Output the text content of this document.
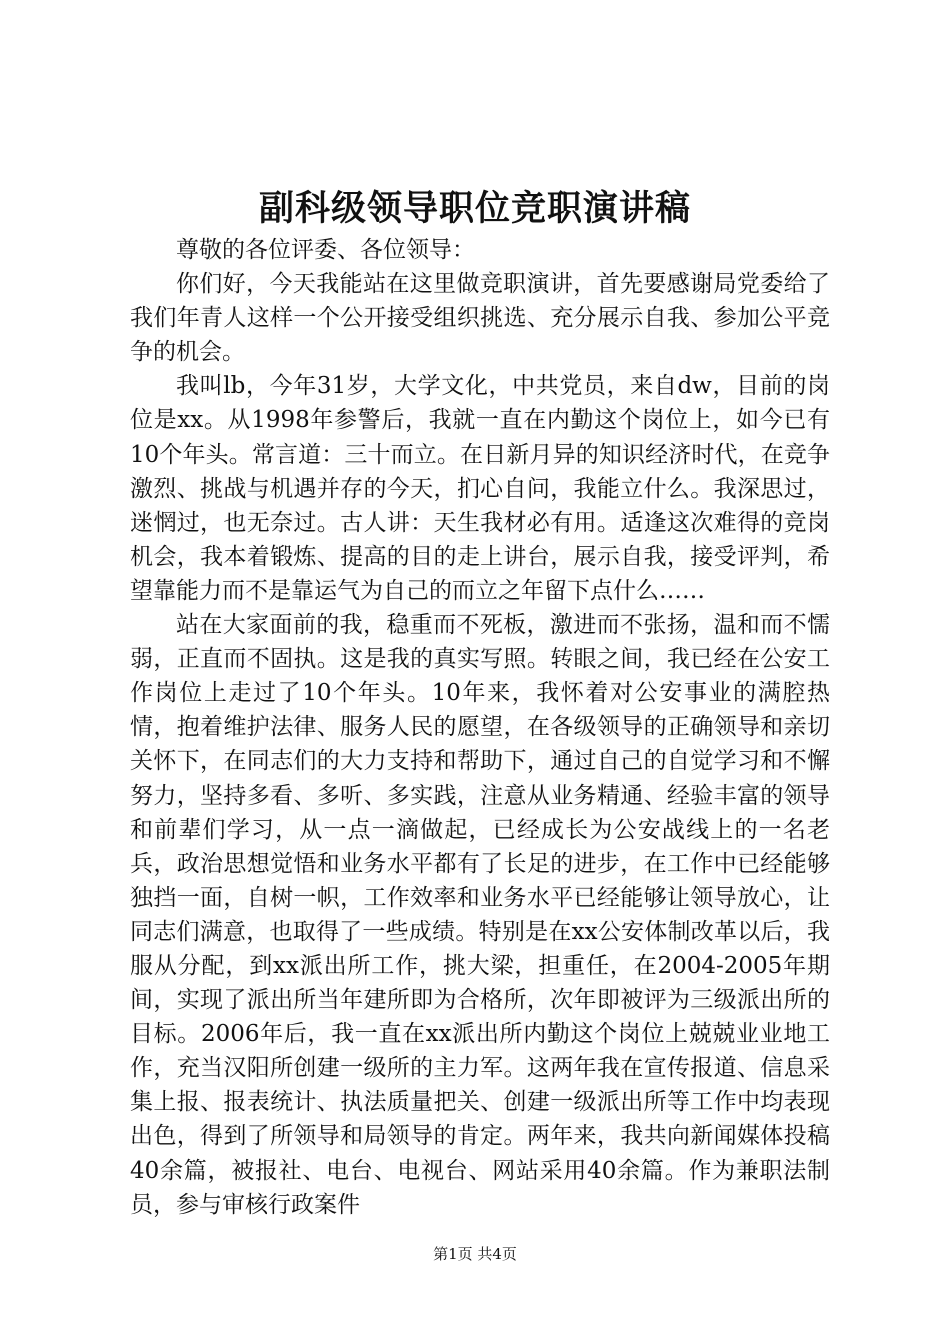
副科级领导职位竞职演讲稿

尊敬的各位评委、各位领导：

你们好，今天我能站在这里做竞职演讲，首先要感谢局党委给了我们年青人这样一个公开接受组织挑选、充分展示自我、参加公平竞争的机会。

我叫lb，今年31岁，大学文化，中共党员，来自dw，目前的岗位是xx。从1998年参警后，我就一直在内勤这个岗位上，如今已有10个年头。常言道：三十而立。在日新月异的知识经济时代，在竞争激烈、挑战与机遇并存的今天，扪心自问，我能立什么。我深思过，迷惘过，也无奈过。古人讲：天生我材必有用。适逢这次难得的竞岗机会，我本着锻炼、提高的目的走上讲台，展示自我，接受评判，希望靠能力而不是靠运气为自己的而立之年留下点什么……

站在大家面前的我，稳重而不死板，激进而不张扬，温和而不懦弱，正直而不固执。这是我的真实写照。转眼之间，我已经在公安工作岗位上走过了10个年头。10年来，我怀着对公安事业的满腔热情，抱着维护法律、服务人民的愿望，在各级领导的正确领导和亲切关怀下，在同志们的大力支持和帮助下，通过自己的自觉学习和不懈努力，坚持多看、多听、多实践，注意从业务精通、经验丰富的领导和前辈们学习，从一点一滴做起，已经成长为公安战线上的一名老兵，政治思想觉悟和业务水平都有了长足的进步，在工作中已经能够独挡一面，自树一帜，工作效率和业务水平已经能够让领导放心，让同志们满意，也取得了一些成绩。特别是在xx公安体制改革以后，我服从分配，到xx派出所工作，挑大梁，担重任，在2004-2005年期间，实现了派出所当年建所即为合格所，次年即被评为三级派出所的目标。2006年后，我一直在xx派出所内勤这个岗位上兢兢业业地工作，充当汉阳所创建一级所的主力军。这两年我在宣传报道、信息采集上报、报表统计、执法质量把关、创建一级派出所等工作中均表现出色，得到了所领导和局领导的肯定。两年来，我共向新闻媒体投稿40余篇，被报社、电台、电视台、网站采用40余篇。作为兼职法制员，参与审核行政案件

第1页 共4页
